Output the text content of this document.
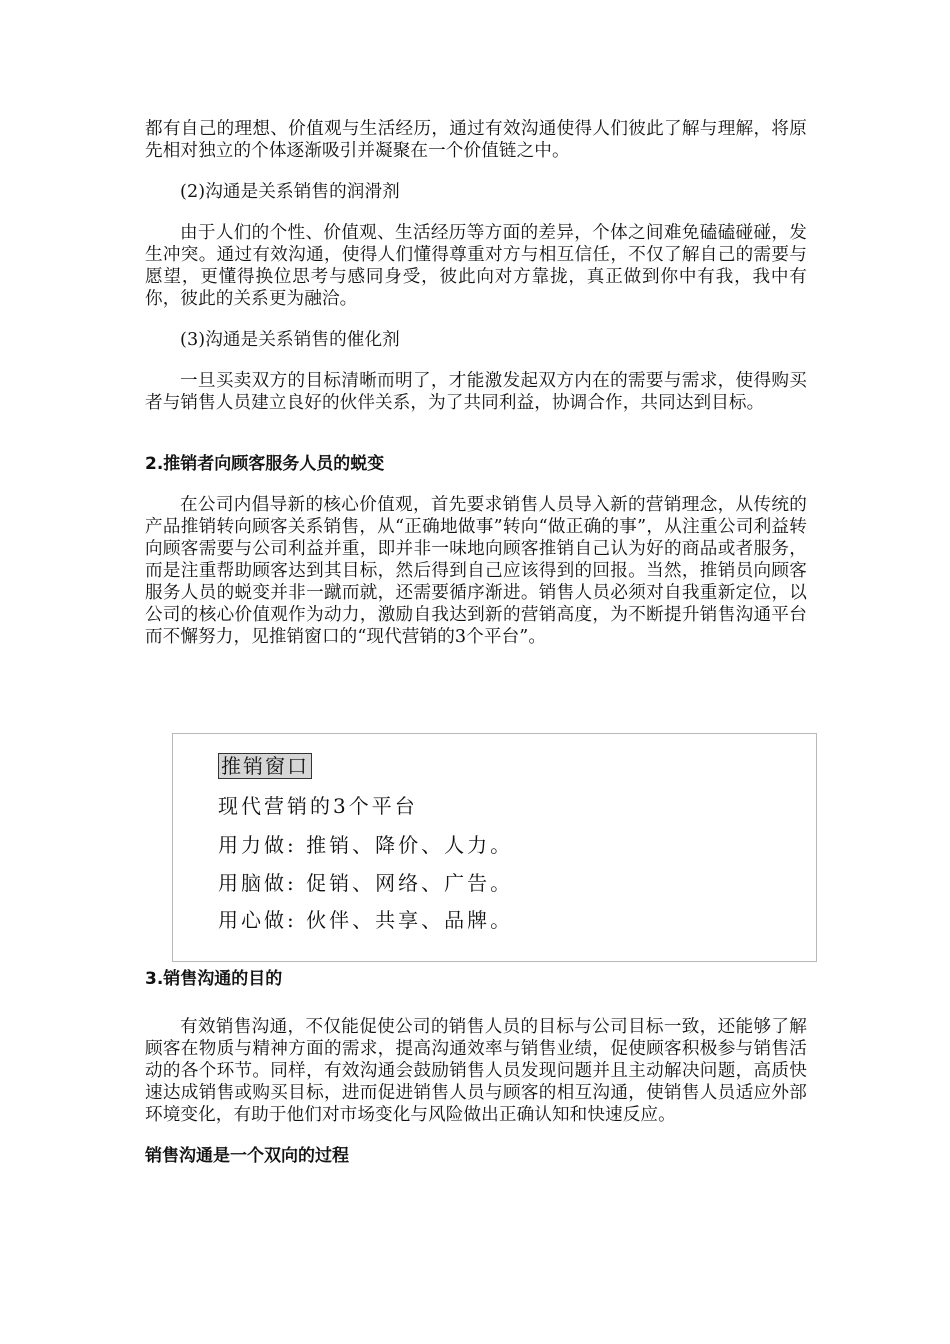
都有自己的理想、价值观与生活经历，通过有效沟通使得人们彼此了解与理解，将原先相对独立的个体逐渐吸引并凝聚在一个价值链之中。

(2)沟通是关系销售的润滑剂

由于人们的个性、价值观、生活经历等方面的差异，个体之间难免磕磕碰碰，发生冲突。通过有效沟通，使得人们懂得尊重对方与相互信任，不仅了解自己的需要与愿望，更懂得换位思考与感同身受，彼此向对方靠拢，真正做到你中有我，我中有你，彼此的关系更为融洽。

(3)沟通是关系销售的催化剂

一旦买卖双方的目标清晰而明了，才能激发起双方内在的需要与需求，使得购买者与销售人员建立良好的伙伴关系，为了共同利益，协调合作，共同达到目标。

2.推销者向顾客服务人员的蜕变

在公司内倡导新的核心价值观，首先要求销售人员导入新的营销理念，从传统的产品推销转向顾客关系销售，从“正确地做事”转向“做正确的事”，从注重公司利益转向顾客需要与公司利益并重，即并非一味地向顾客推销自己认为好的商品或者服务，而是注重帮助顾客达到其目标，然后得到自己应该得到的回报。当然，推销员向顾客服务人员的蜕变并非一蹴而就，还需要循序渐进。销售人员必须对自我重新定位，以公司的核心价值观作为动力，激励自我达到新的营销高度，为不断提升销售沟通平台而不懈努力，见推销窗口的“现代营销的3个平台”。

推销窗口
现代营销的3个平台
用力做: 推销、降价、人力。
用脑做: 促销、网络、广告。
用心做: 伙伴、共享、品牌。

3.销售沟通的目的

有效销售沟通，不仅能促使公司的销售人员的目标与公司目标一致，还能够了解顾客在物质与精神方面的需求，提高沟通效率与销售业绩，促使顾客积极参与销售活动的各个环节。同样，有效沟通会鼓励销售人员发现问题并且主动解决问题，高质快速达成销售或购买目标，进而促进销售人员与顾客的相互沟通，使销售人员适应外部环境变化，有助于他们对市场变化与风险做出正确认知和快速反应。

销售沟通是一个双向的过程
